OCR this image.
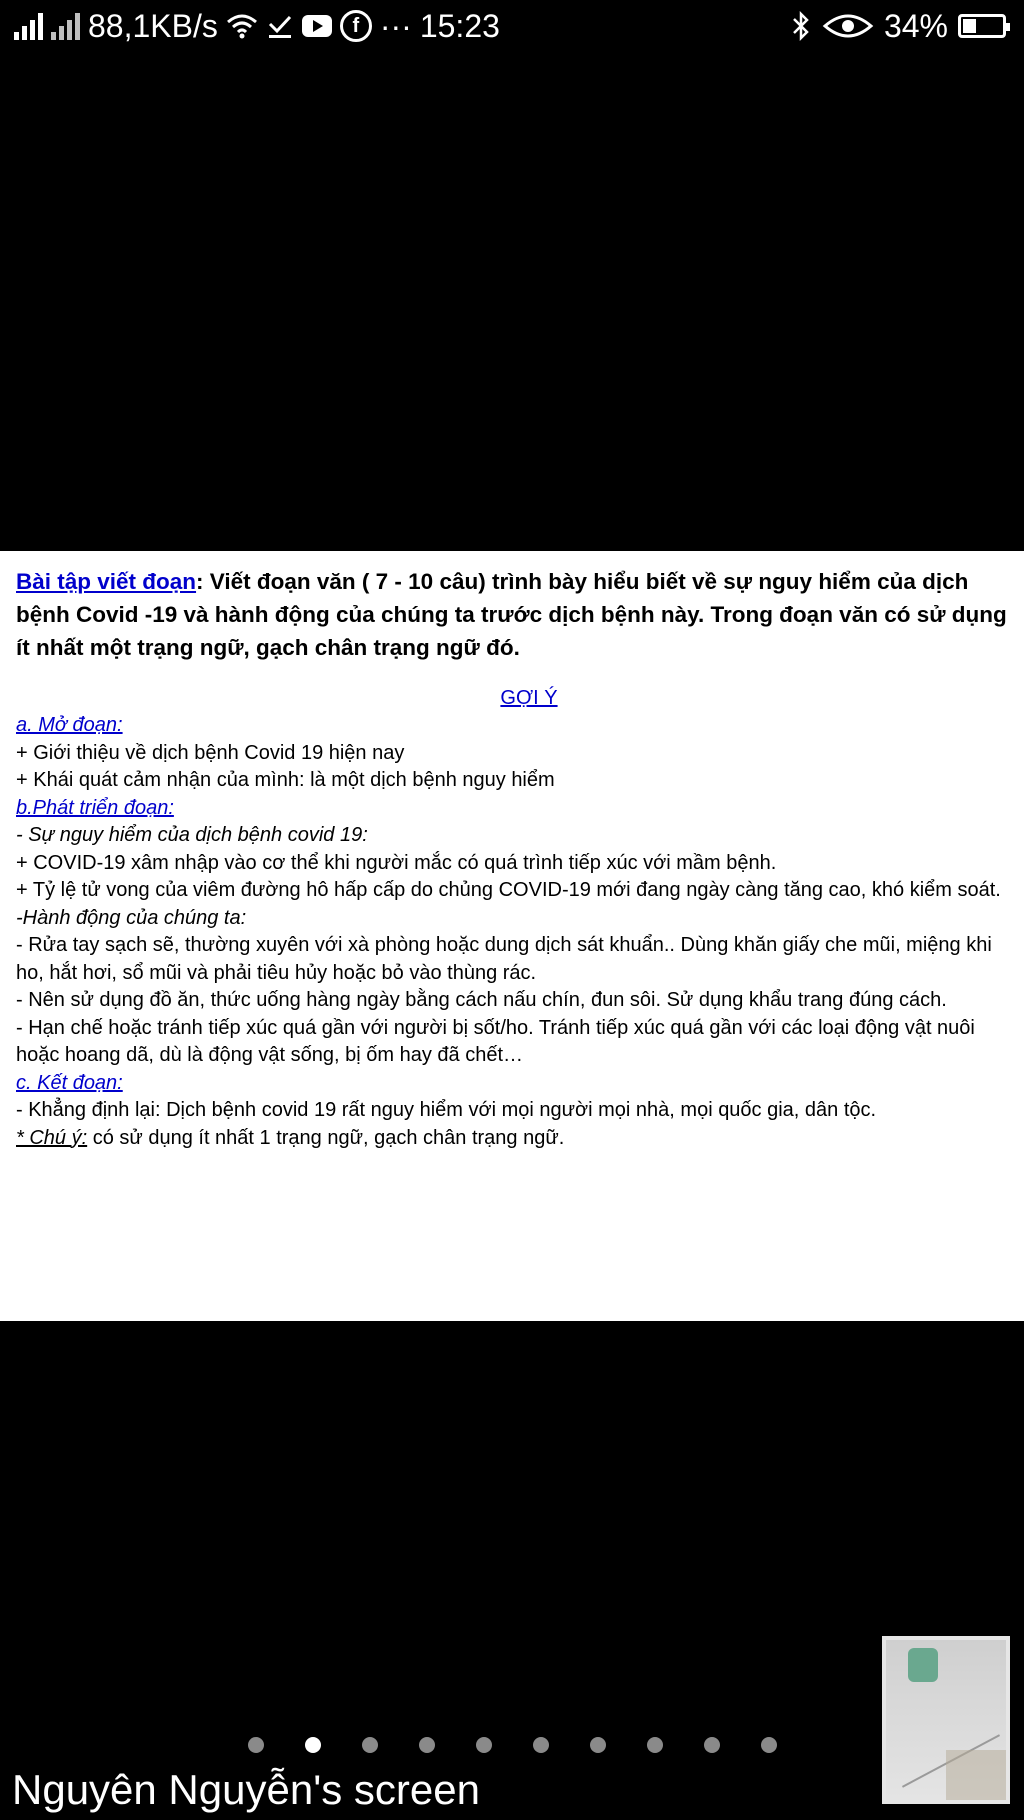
88,1KB/s	f ··· 15:23	34%
Bài tập viết đoạn: Viết đoạn văn ( 7 - 10 câu) trình bày hiểu biết về sự nguy hiểm của dịch bệnh Covid -19 và hành động của chúng ta trước dịch bệnh này. Trong đoạn văn có sử dụng ít nhất một trạng ngữ, gạch chân trạng ngữ đó.
GỢI Ý
a. Mở đoạn:
+ Giới thiệu về dịch bệnh Covid 19 hiện nay
+ Khái quát cảm nhận của mình: là một dịch bệnh nguy hiểm
b.Phát triển đoạn:
- Sự nguy hiểm của dịch bệnh covid 19:
+ COVID-19 xâm nhập vào cơ thể khi người mắc có quá trình tiếp xúc với mầm bệnh.
+ Tỷ lệ tử vong của viêm đường hô hấp cấp do chủng COVID-19 mới đang ngày càng tăng cao, khó kiểm soát.
-Hành động của chúng ta:
- Rửa tay sạch sẽ, thường xuyên với xà phòng hoặc dung dịch sát khuẩn.. Dùng khăn giấy che mũi, miệng khi ho, hắt hơi, sổ mũi và phải tiêu hủy hoặc bỏ vào thùng rác.
- Nên sử dụng đồ ăn, thức uống hàng ngày bằng cách nấu chín, đun sôi. Sử dụng khẩu trang đúng cách.
- Hạn chế hoặc tránh tiếp xúc quá gần với người bị sốt/ho. Tránh tiếp xúc quá gần với các loại động vật nuôi hoặc hoang dã, dù là động vật sống, bị ốm hay đã chết…
c. Kết đoạn:
- Khẳng định lại: Dịch bệnh covid 19 rất nguy hiểm với mọi người mọi nhà, mọi quốc gia, dân tộc.
* Chú ý: có sử dụng ít nhất 1 trạng ngữ, gạch chân trạng ngữ.
Nguyên Nguyễn's screen
